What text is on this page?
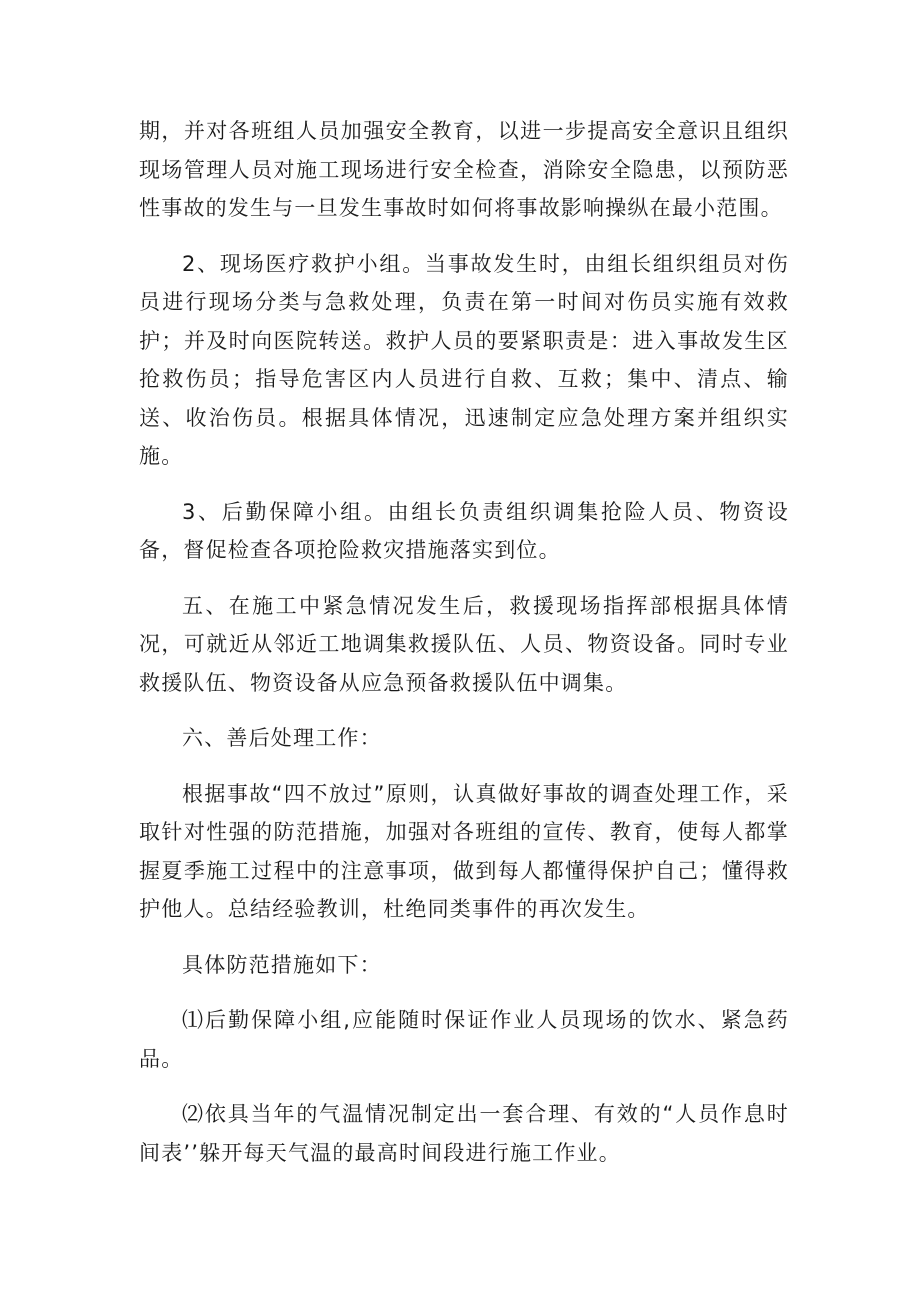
期，并对各班组人员加强安全教育，以进一步提高安全意识且组织现场管理人员对施工现场进行安全检查，消除安全隐患，以预防恶性事故的发生与一旦发生事故时如何将事故影响操纵在最小范围。

2、现场医疗救护小组。当事故发生时，由组长组织组员对伤员进行现场分类与急救处理，负责在第一时间对伤员实施有效救护；并及时向医院转送。救护人员的要紧职责是：进入事故发生区抢救伤员；指导危害区内人员进行自救、互救；集中、清点、输送、收治伤员。根据具体情况，迅速制定应急处理方案并组织实施。

3、后勤保障小组。由组长负责组织调集抢险人员、物资设备，督促检查各项抢险救灾措施落实到位。

五、在施工中紧急情况发生后，救援现场指挥部根据具体情况，可就近从邻近工地调集救援队伍、人员、物资设备。同时专业救援队伍、物资设备从应急预备救援队伍中调集。

六、善后处理工作：

根据事故“四不放过”原则，认真做好事故的调查处理工作，采取针对性强的防范措施，加强对各班组的宣传、教育，使每人都掌握夏季施工过程中的注意事项，做到每人都懂得保护自己；懂得救护他人。总结经验教训，杜绝同类事件的再次发生。

具体防范措施如下：

⑴后勤保障小组,应能随时保证作业人员现场的饮水、紧急药品。

⑵依具当年的气温情况制定出一套合理、有效的“人员作息时间表’’躲开每天气温的最高时间段进行施工作业。
